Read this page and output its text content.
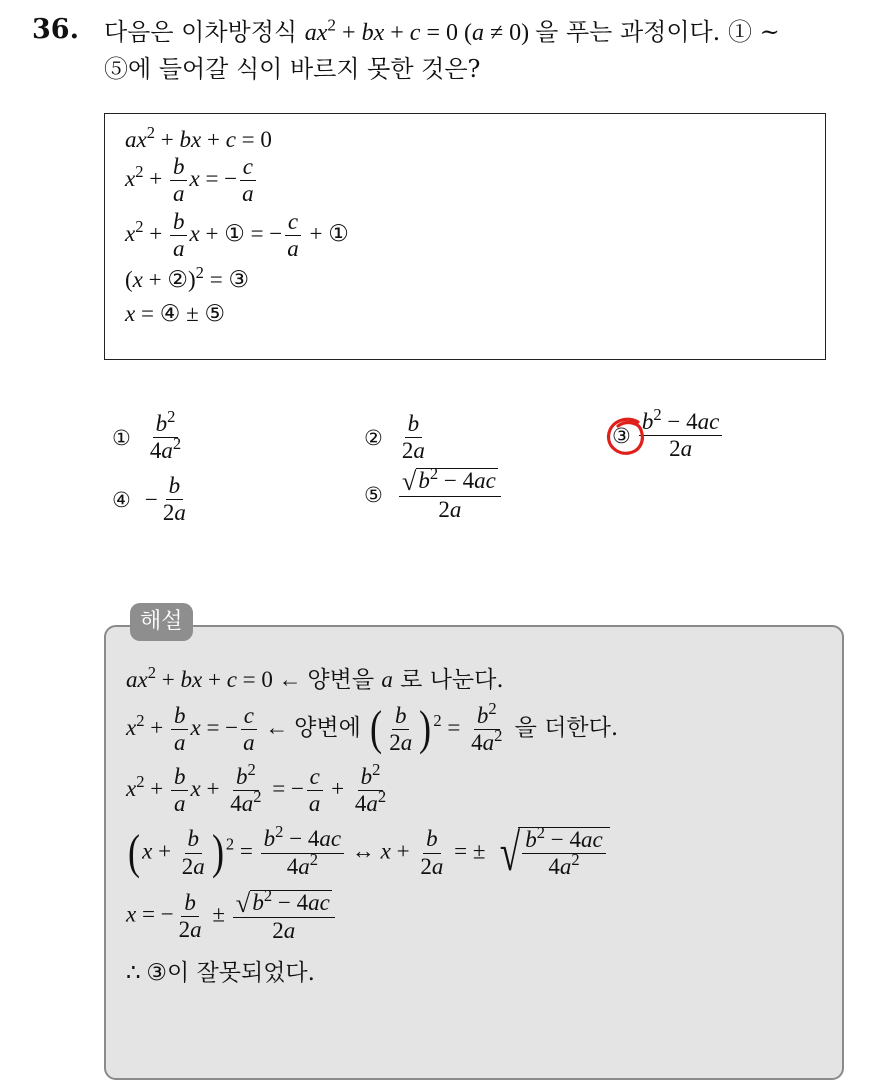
36. 다음은 이차방정식 $ax^2$ + bx + c = 0 (a ≠ 0) 을 푸는 과정이다. ① ~
⑤에 들어갈 식이 바르지 못한 것은?
$ax^2$ + bx + c = 0
$x^2 + \frac{b}{a}$ x = − $\frac{c}{a}$
$x^2 + \frac{b}{a}$ x + ① = − $\frac{c}{a}$ + ①
(x + ②)$^2$ = ③
x = ④ ± ⑤
① $\frac{b^2}{4a^2}$	② $\frac{b}{2a}$	③ $\frac{b^2 - 4ac}{2a}$
④ − $\frac{b}{2a}$	⑤ $\frac{√ b^2 - 4ac}{2a}$
$ax^2$ + bx + c = 0 ← 양변을 a 로 나눈다.
$x^2 + \frac{b}{a}$ x = − $\frac{c}{a}$ ← 양변에 ( $\frac{b}{2a}$ ) $^2 = \frac{b^2}{4a^2}$ 을 더한다.
$x^2 + \frac{b}{a}$ $x + \frac{b^2}{4a^2}$ = − $\frac{c}{a} + \frac{b^2}{4a^2}$
($x + \frac{b}{2a}$ ) $^2 = \frac{b^2 - 4ac}{4a^2}$ ↔ $x + \frac{b}{2a}$ = ± √ $\frac{b^2 - 4ac}{4a^2}$
x = − $\frac{b}{2a} \pm \frac{√ b^2 - 4ac}{2a}$
∴ ③이 잘못되었다.
해설
